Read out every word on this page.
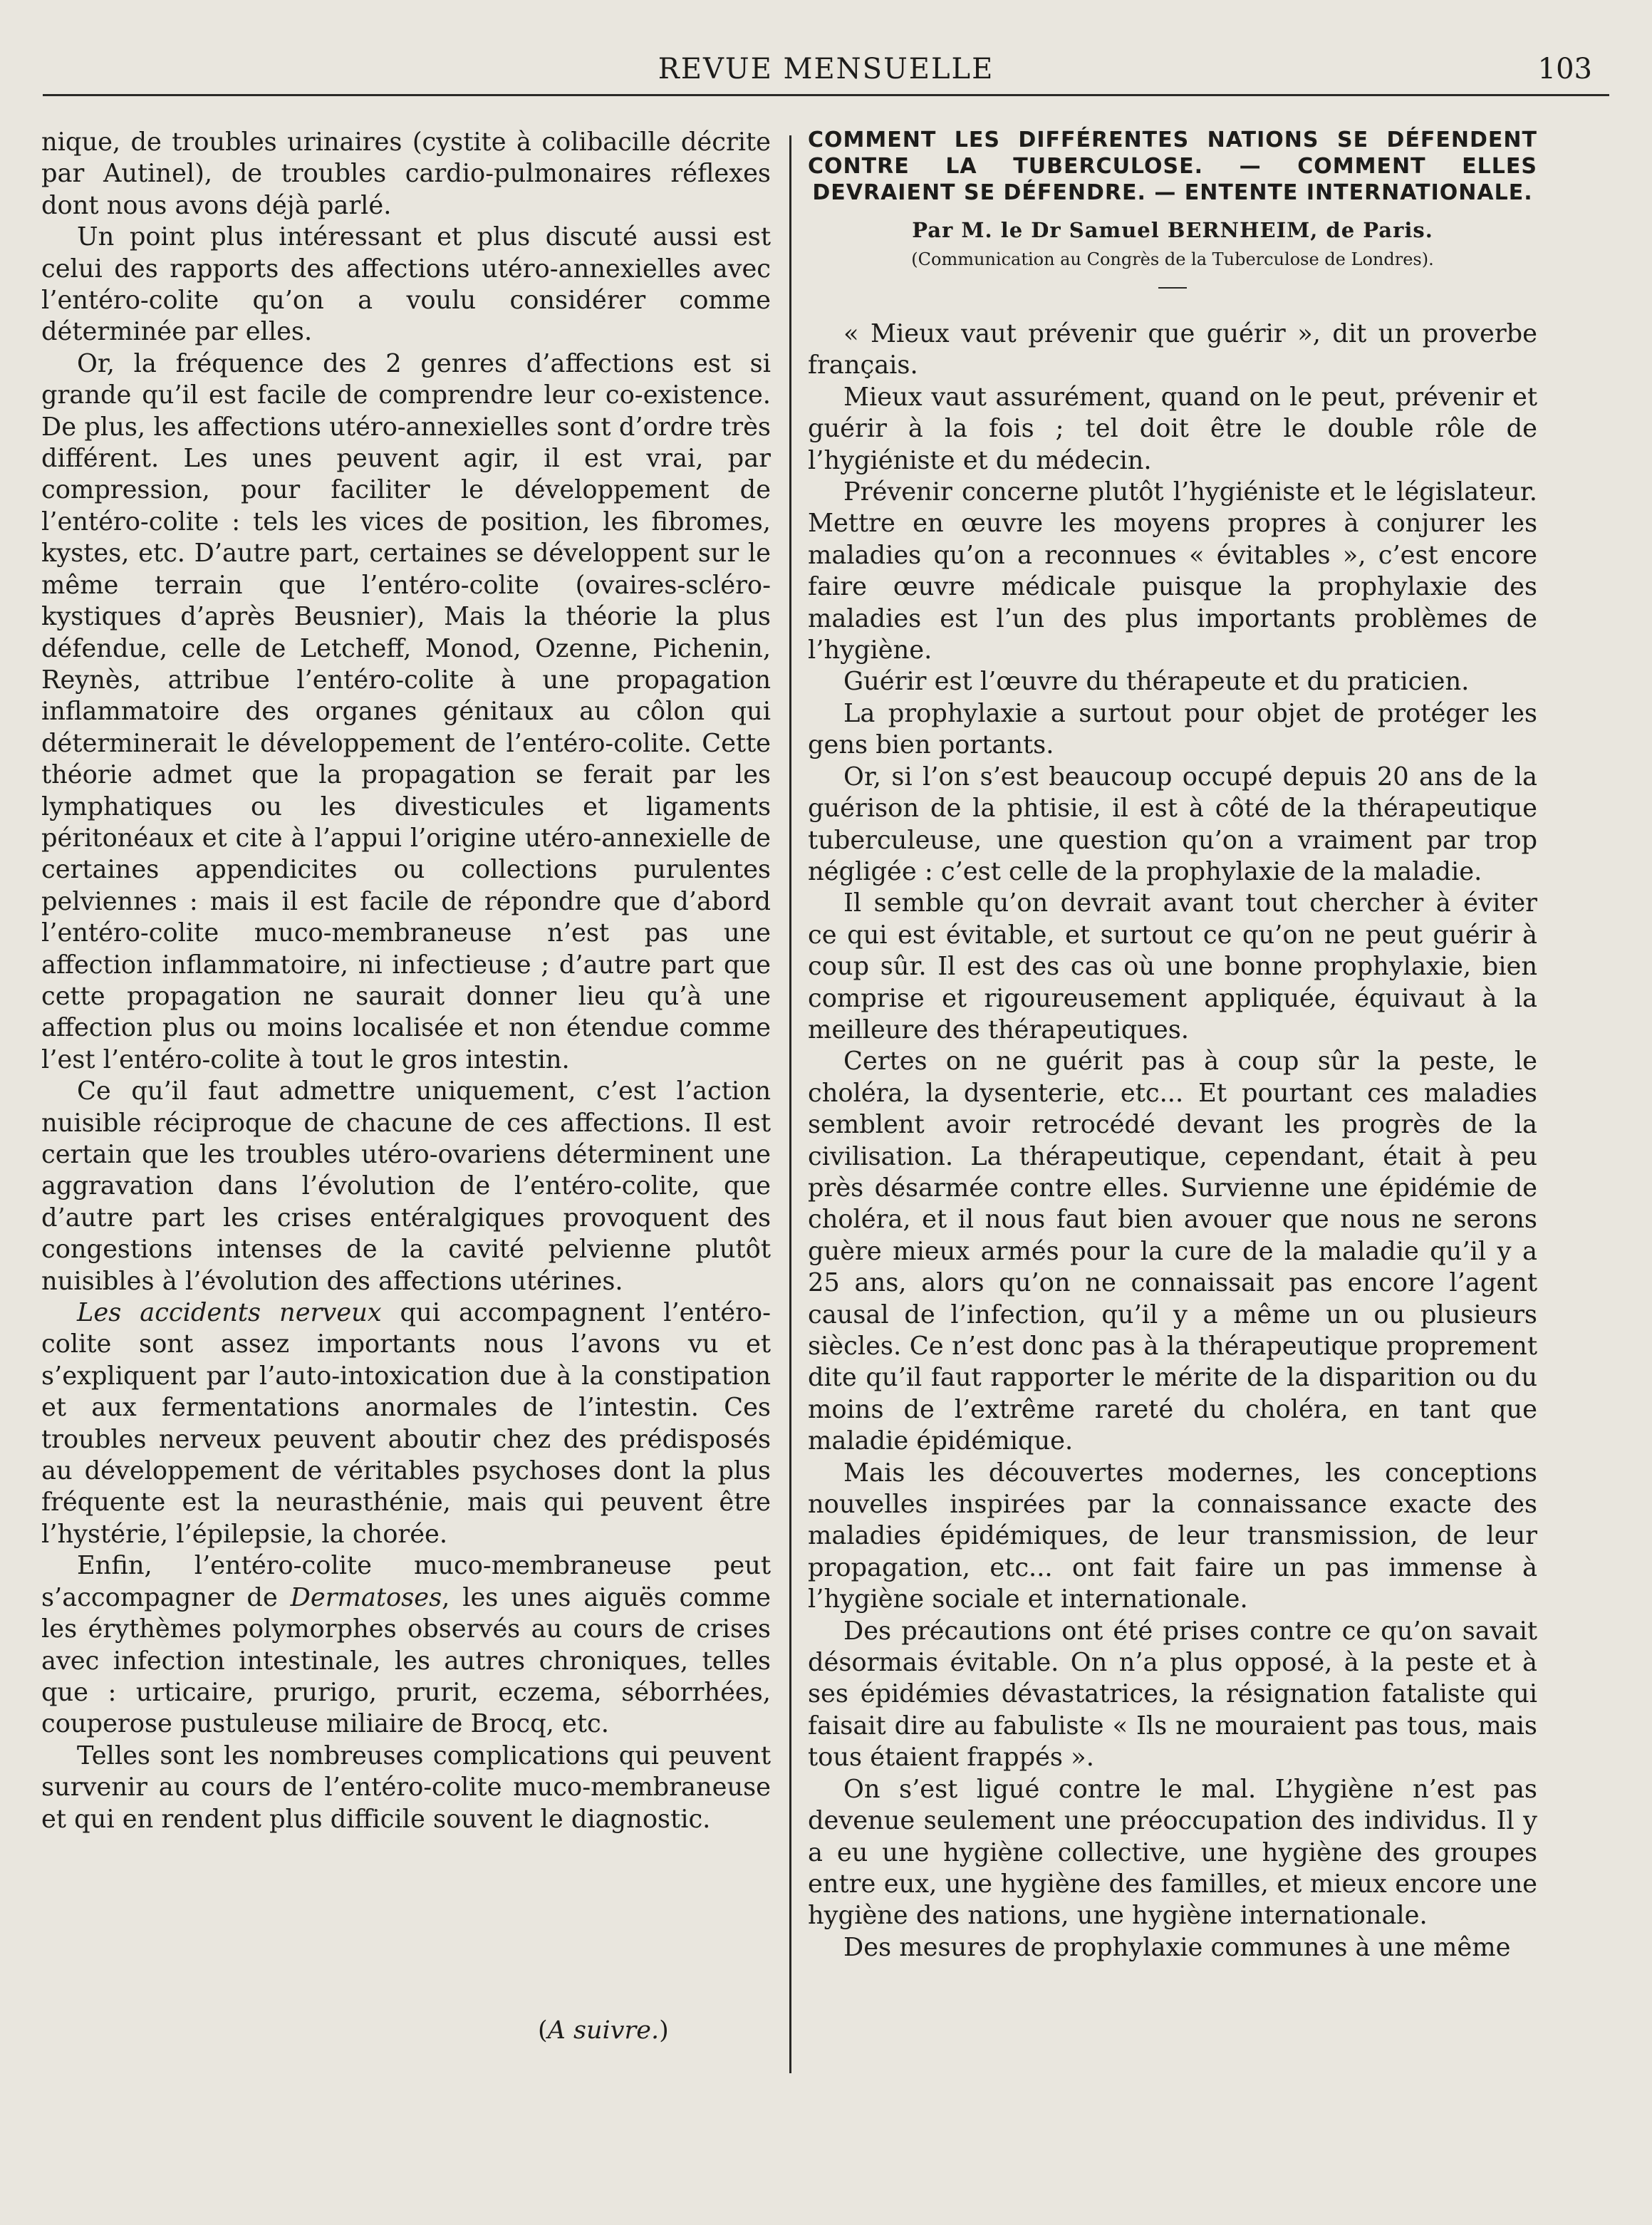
REVUE MENSUELLE	103

nique, de troubles urinaires (cystite à colibacille décrite par Autinel), de troubles cardio-pulmonaires réflexes dont nous avons déjà parlé.

Un point plus intéressant et plus discuté aussi est celui des rapports des affections utéro-annexielles avec l’entéro-colite qu’on a voulu considérer comme déterminée par elles.

Or, la fréquence des 2 genres d’affections est si grande qu’il est facile de comprendre leur co-existence. De plus, les affections utéro-annexielles sont d’ordre très différent. Les unes peuvent agir, il est vrai, par compression, pour faciliter le développement de l’entéro-colite : tels les vices de position, les fibromes, kystes, etc. D’autre part, certaines se développent sur le même terrain que l’entéro-colite (ovaires-scléro-kystiques d’après Beusnier), Mais la théorie la plus défendue, celle de Letcheff, Monod, Ozenne, Pichenin, Reynès, attribue l’entéro-colite à une propagation inflammatoire des organes génitaux au côlon qui déterminerait le développement de l’entéro-colite. Cette théorie admet que la propagation se ferait par les lymphatiques ou les divesticules et ligaments péritonéaux et cite à l’appui l’origine utéro-annexielle de certaines appendicites ou collections purulentes pelviennes : mais il est facile de répondre que d’abord l’entéro-colite muco-membraneuse n’est pas une affection inflammatoire, ni infectieuse ; d’autre part que cette propagation ne saurait donner lieu qu’à une affection plus ou moins localisée et non étendue comme l’est l’entéro-colite à tout le gros intestin.

Ce qu’il faut admettre uniquement, c’est l’action nuisible réciproque de chacune de ces affections. Il est certain que les troubles utéro-ovariens déterminent une aggravation dans l’évolution de l’entéro-colite, que d’autre part les crises entéralgiques provoquent des congestions intenses de la cavité pelvienne plutôt nuisibles à l’évolution des affections utérines.

Les accidents nerveux qui accompagnent l’entéro-colite sont assez importants nous l’avons vu et s’expliquent par l’auto-intoxication due à la constipation et aux fermentations anormales de l’intestin. Ces troubles nerveux peuvent aboutir chez des prédisposés au développement de véritables psychoses dont la plus fréquente est la neurasthénie, mais qui peuvent être l’hystérie, l’épilepsie, la chorée.

Enfin, l’entéro-colite muco-membraneuse peut s’accompagner de Dermatoses, les unes aiguës comme les érythèmes polymorphes observés au cours de crises avec infection intestinale, les autres chroniques, telles que : urticaire, prurigo, prurit, eczema, séborrhées, couperose pustuleuse miliaire de Brocq, etc.

Telles sont les nombreuses complications qui peuvent survenir au cours de l’entéro-colite muco-membraneuse et qui en rendent plus difficile souvent le diagnostic.

(A suivre.)
COMMENT LES DIFFÉRENTES NATIONS SE DÉFENDENT CONTRE LA TUBERCULOSE. — COMMENT ELLES DEVRAIENT SE DÉFENDRE. — ENTENTE INTERNATIONALE.
Par M. le Dr Samuel BERNHEIM, de Paris.
(Communication au Congrès de la Tuberculose de Londres).

« Mieux vaut prévenir que guérir », dit un proverbe français.

Mieux vaut assurément, quand on le peut, prévenir et guérir à la fois ; tel doit être le double rôle de l’hygiéniste et du médecin.

Prévenir concerne plutôt l’hygiéniste et le législateur. Mettre en œuvre les moyens propres à conjurer les maladies qu’on a reconnues « évitables », c’est encore faire œuvre médicale puisque la prophylaxie des maladies est l’un des plus importants problèmes de l’hygiène.

Guérir est l’œuvre du thérapeute et du praticien.

La prophylaxie a surtout pour objet de protéger les gens bien portants.

Or, si l’on s’est beaucoup occupé depuis 20 ans de la guérison de la phtisie, il est à côté de la thérapeutique tuberculeuse, une question qu’on a vraiment par trop négligée : c’est celle de la prophylaxie de la maladie.

Il semble qu’on devrait avant tout chercher à éviter ce qui est évitable, et surtout ce qu’on ne peut guérir à coup sûr. Il est des cas où une bonne prophylaxie, bien comprise et rigoureusement appliquée, équivaut à la meilleure des thérapeutiques.

Certes on ne guérit pas à coup sûr la peste, le choléra, la dysenterie, etc... Et pourtant ces maladies semblent avoir retrocédé devant les progrès de la civilisation. La thérapeutique, cependant, était à peu près désarmée contre elles. Survienne une épidémie de choléra, et il nous faut bien avouer que nous ne serons guère mieux armés pour la cure de la maladie qu’il y a 25 ans, alors qu’on ne connaissait pas encore l’agent causal de l’infection, qu’il y a même un ou plusieurs siècles. Ce n’est donc pas à la thérapeutique proprement dite qu’il faut rapporter le mérite de la disparition ou du moins de l’extrême rareté du choléra, en tant que maladie épidémique.

Mais les découvertes modernes, les conceptions nouvelles inspirées par la connaissance exacte des maladies épidémiques, de leur transmission, de leur propagation, etc... ont fait faire un pas immense à l’hygiène sociale et internationale.

Des précautions ont été prises contre ce qu’on savait désormais évitable. On n’a plus opposé, à la peste et à ses épidémies dévastatrices, la résignation fataliste qui faisait dire au fabuliste « Ils ne mouraient pas tous, mais tous étaient frappés ».

On s’est ligué contre le mal. L’hygiène n’est pas devenue seulement une préoccupation des individus. Il y a eu une hygiène collective, une hygiène des groupes entre eux, une hygiène des familles, et mieux encore une hygiène des nations, une hygiène internationale.

Des mesures de prophylaxie communes à une même
